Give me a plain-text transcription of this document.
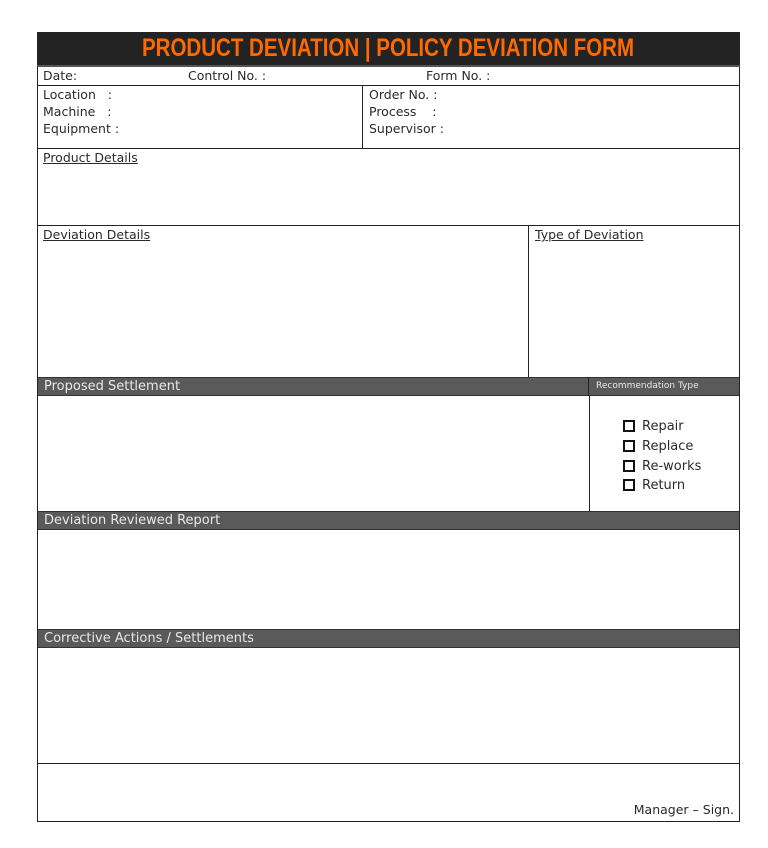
PRODUCT DEVIATION | POLICY DEVIATION FORM
Date:	Control No. :	Form No. :
Location   :
Machine   :
Equipment :
Order No. :
Process    :
Supervisor :
Product Details
Deviation Details	Type of Deviation
Proposed Settlement	Recommendation Type
Repair
Replace
Re-works
Return
Deviation Reviewed Report
Corrective Actions / Settlements
Manager – Sign.
